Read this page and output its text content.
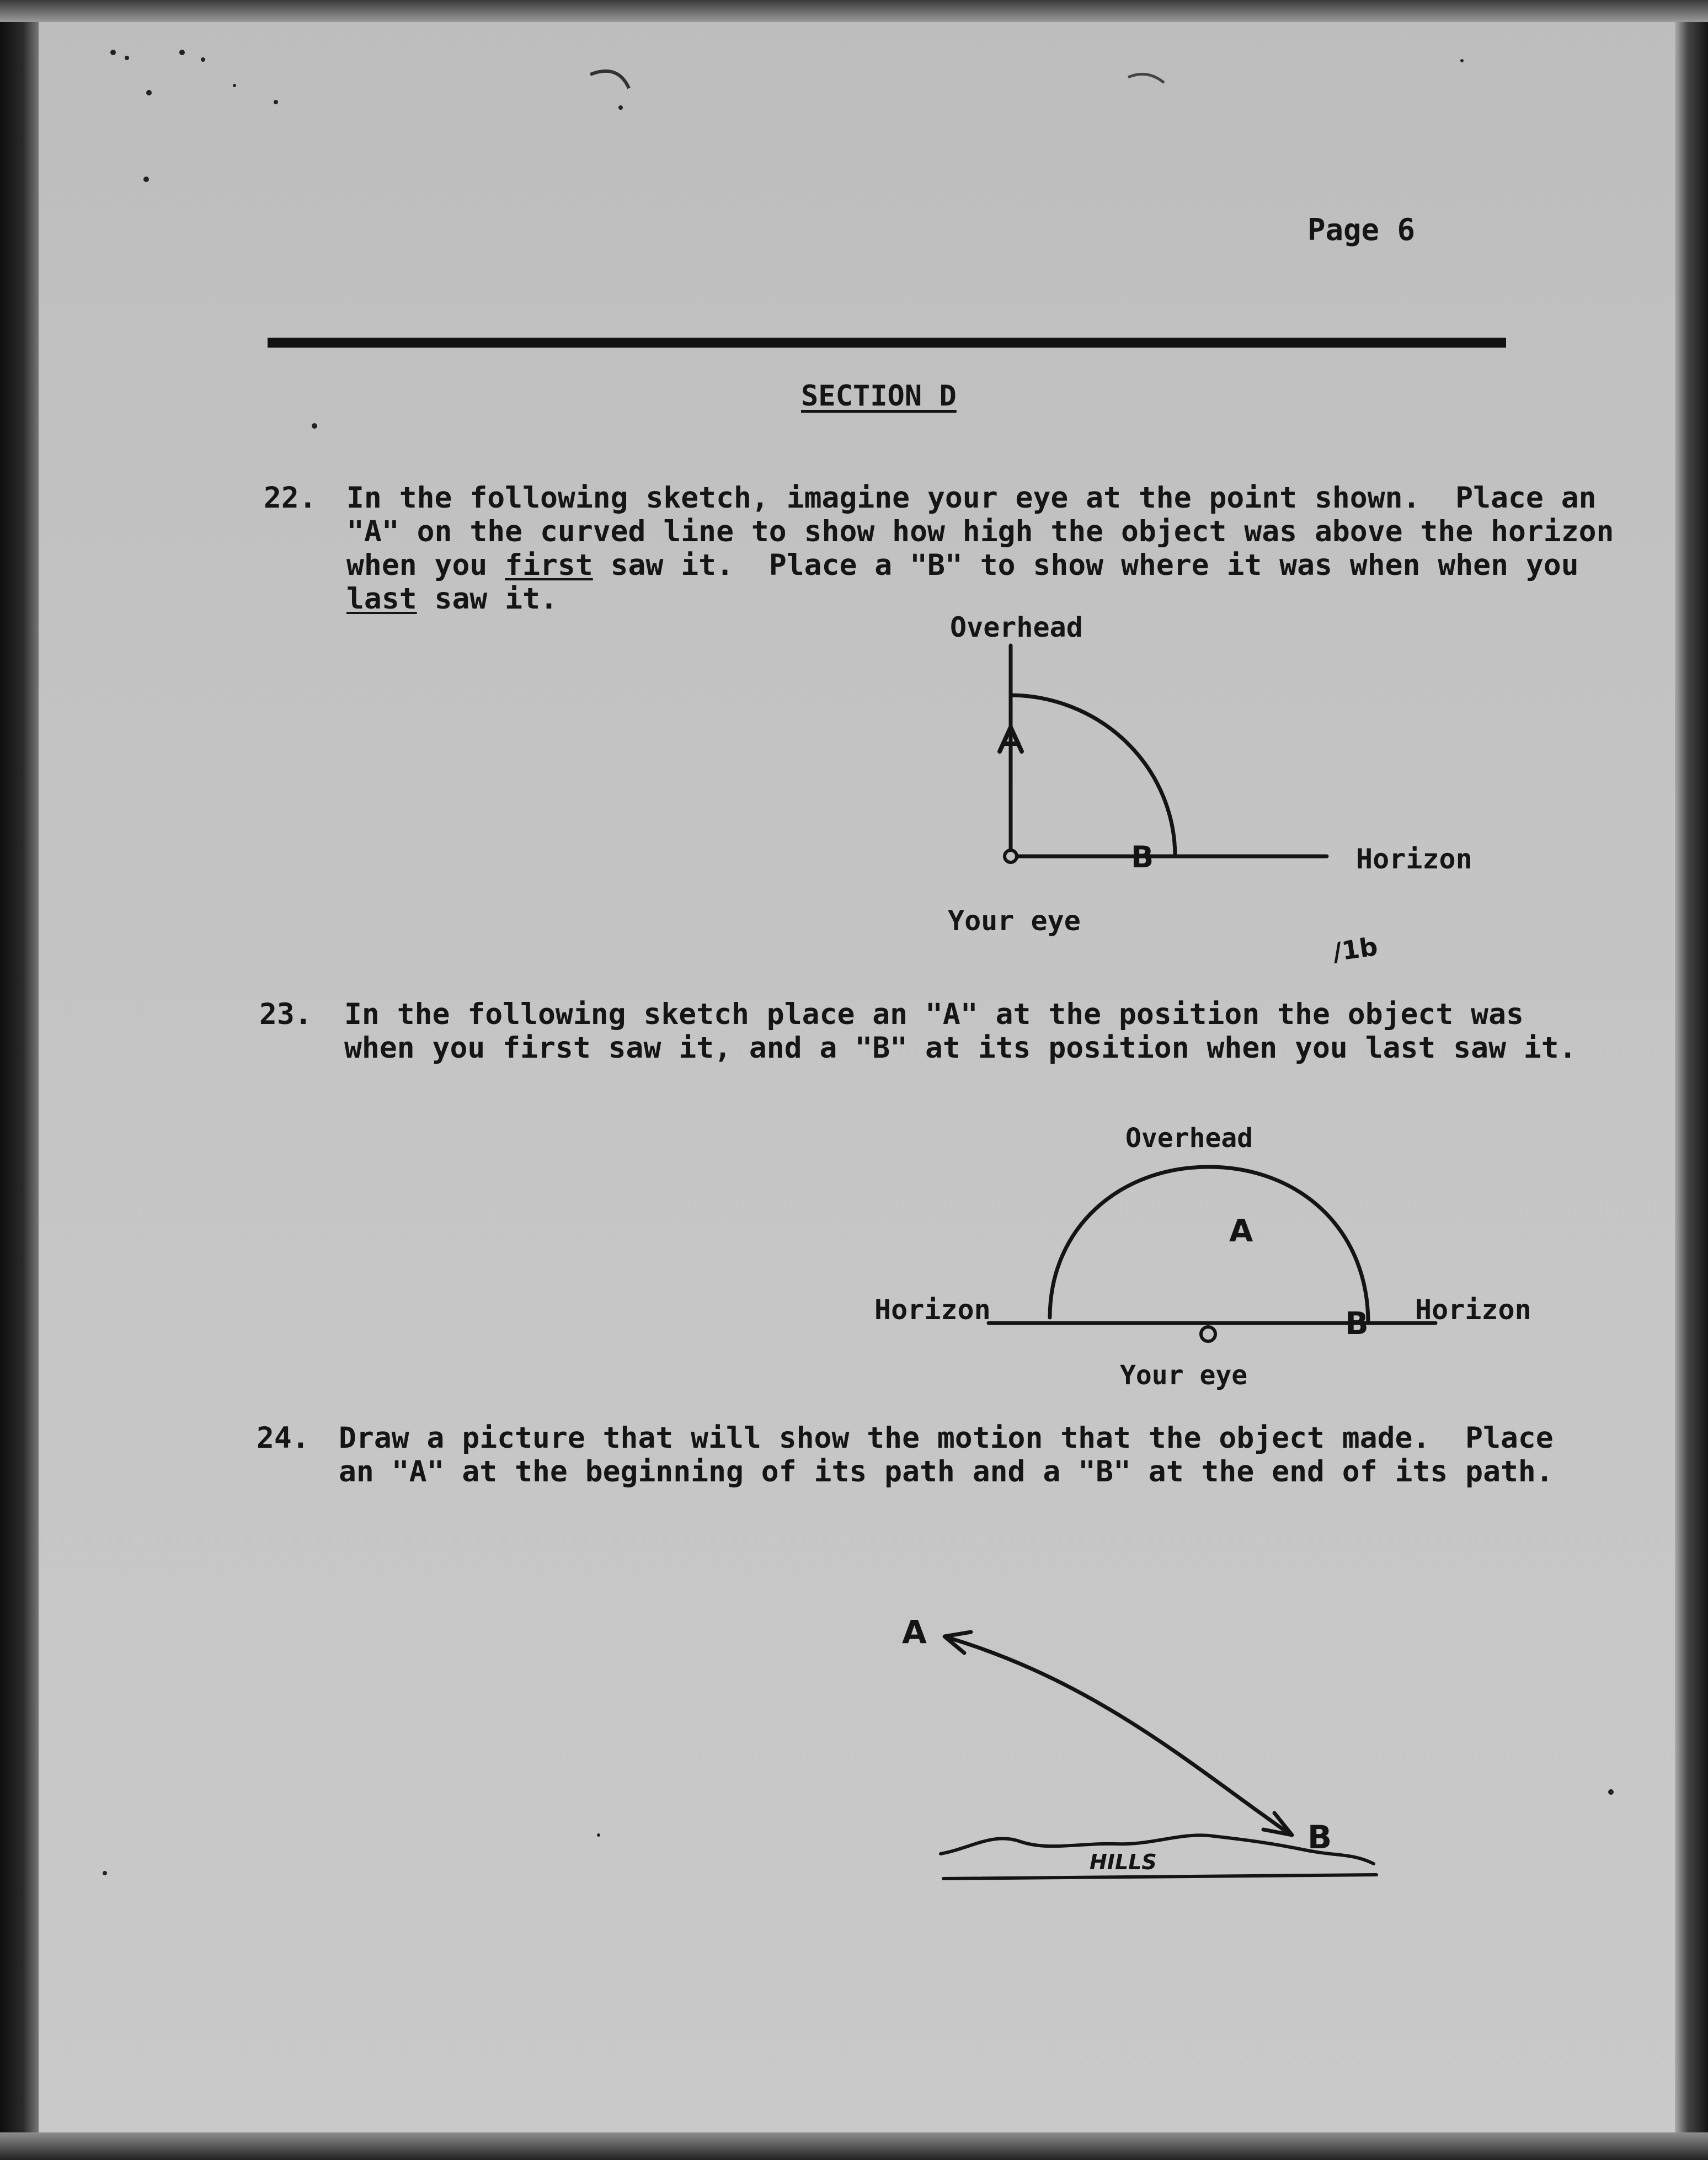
Page 6
SECTION D
22. In the following sketch, imagine your eye at the point shown.  Place an
"A" on the curved line to show how high the object was above the horizon
when you first saw it.  Place a "B" to show where it was when when you
last saw it.
Overhead
Horizon
Your eye
23. In the following sketch place an "A" at the position the object was
when you first saw it, and a "B" at its position when you last saw it.
Overhead
Horizon	Horizon
Your eye
24. Draw a picture that will show the motion that the object made.  Place
an "A" at the beginning of its path and a "B" at the end of its path.
B
/1b
A
B
A
B
HILLS
